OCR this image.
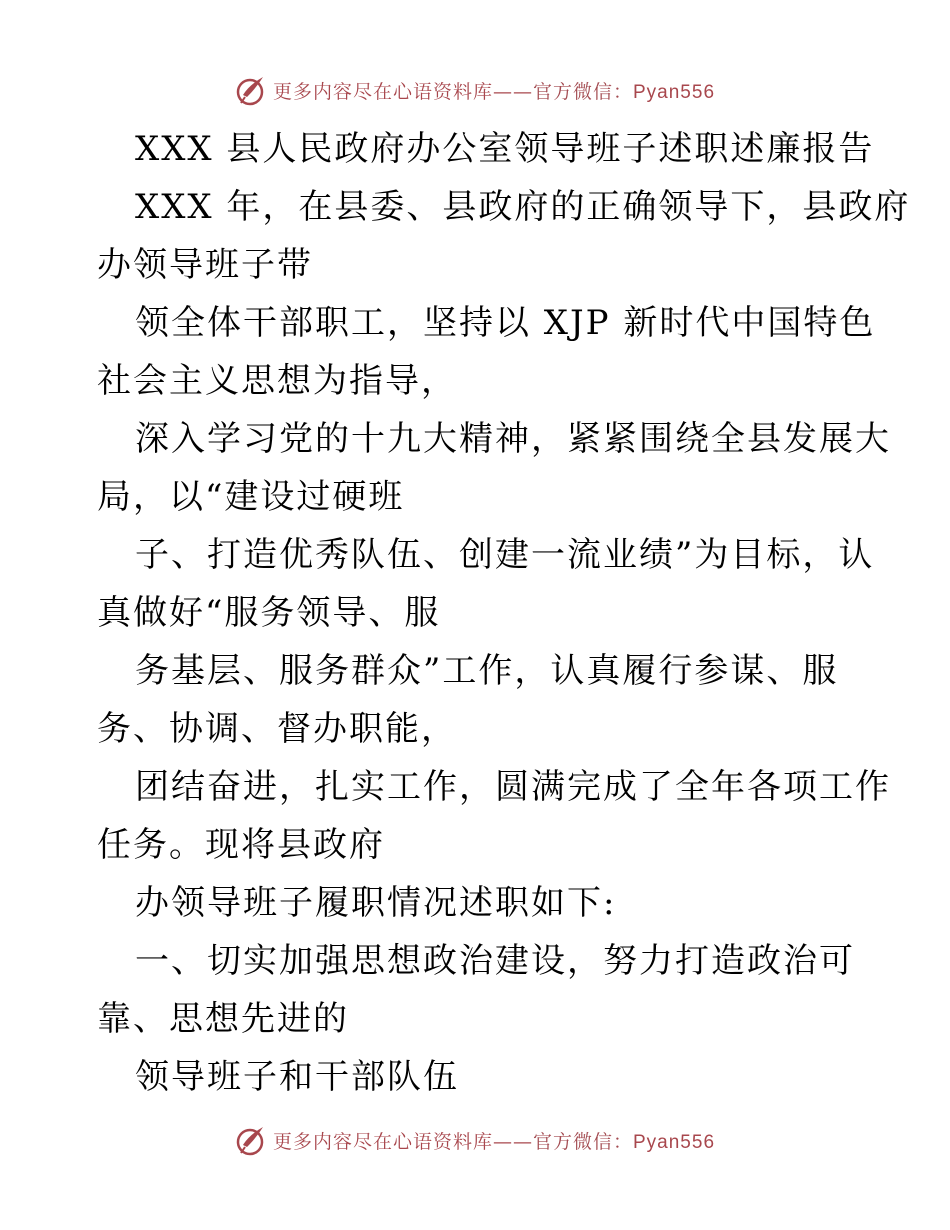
更多内容尽在心语资料库——官方微信：Pyan556
XXX 县人民政府办公室领导班子述职述廉报告
XXX 年，在县委、县政府的正确领导下，县政府
办领导班子带
领全体干部职工，坚持以 XJP 新时代中国特色
社会主义思想为指导，
深入学习党的十九大精神，紧紧围绕全县发展大
局，以“建设过硬班
子、打造优秀队伍、创建一流业绩”为目标，认
真做好“服务领导、服
务基层、服务群众”工作，认真履行参谋、服
务、协调、督办职能，
团结奋进，扎实工作，圆满完成了全年各项工作
任务。现将县政府
办领导班子履职情况述职如下:
一、切实加强思想政治建设，努力打造政治可
靠、思想先进的
领导班子和干部队伍
更多内容尽在心语资料库——官方微信：Pyan556
